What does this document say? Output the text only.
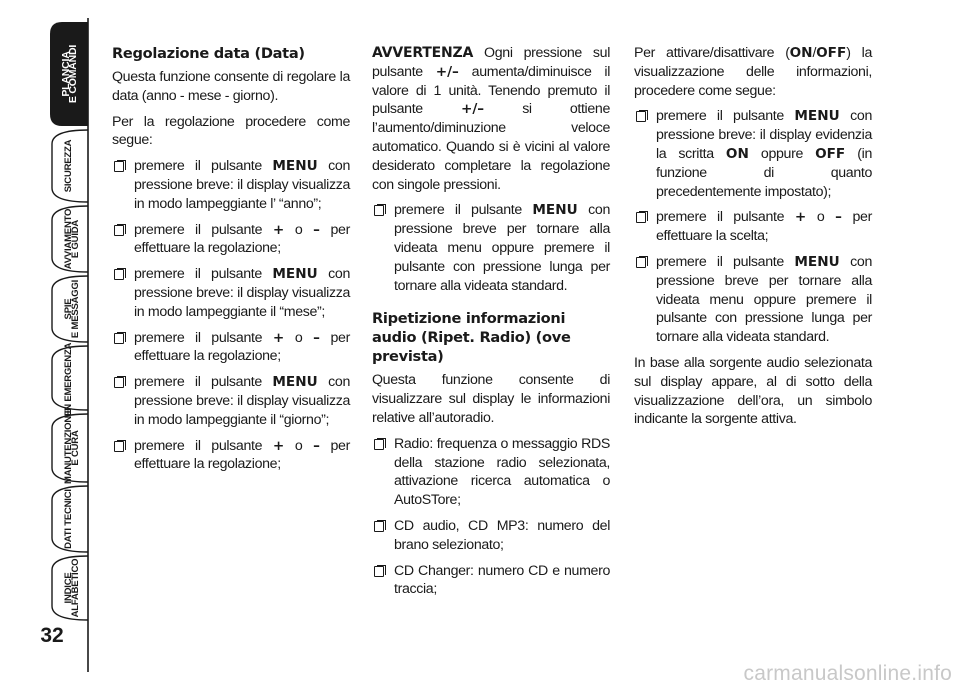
PLANCIA
E COMANDI
SICUREZZA
AVVIAMENTO
E GUIDA
SPIE
E MESSAGGI
IN EMERGENZA
MANUTENZIONE
E CURA
DATI TECNICI
INDICE
ALFABETICO
32
Regolazione data (Data)

Questa funzione consente di regolare la data (anno - mese - giorno).

Per la regolazione procedere come segue:

premere il pulsante MENU con pressione breve: il display visualizza in modo lampeggiante l’ “anno”;
premere il pulsante + o – per effettuare la regolazione;
premere il pulsante MENU con pressione breve: il display visualizza in modo lampeggiante il “mese”;
premere il pulsante + o – per effettuare la regolazione;
premere il pulsante MENU con pressione breve: il display visualizza in modo lampeggiante il “giorno”;
premere il pulsante + o – per effettuare la regolazione;

AVVERTENZA Ogni pressione sul pulsante +/– aumenta/diminuisce il valore di 1 unità. Tenendo premuto il pulsante +/– si ottiene l’aumento/diminuzione veloce automatico. Quando si è vicini al valore desiderato completare la regolazione con singole pressioni.

premere il pulsante MENU con pressione breve per tornare alla videata menu oppure premere il pulsante con pressione lunga per tornare alla videata standard.
Ripetizione informazioni audio (Ripet. Radio) (ove prevista)

Questa funzione consente di visualizzare sul display le informazioni relative all’autoradio.

Radio: frequenza o messaggio RDS della stazione radio selezionata, attivazione ricerca automatica o AutoSTore;
CD audio, CD MP3: numero del brano selezionato;
CD Changer: numero CD e numero traccia;

Per attivare/disattivare (ON/OFF) la visualizzazione delle informazioni, procedere come segue:

premere il pulsante MENU con pressione breve: il display evidenzia la scritta ON oppure OFF (in funzione di quanto precedentemente impostato);
premere il pulsante + o – per effettuare la scelta;
premere il pulsante MENU con pressione breve per tornare alla videata menu oppure premere il pulsante con pressione lunga per tornare alla videata standard.

In base alla sorgente audio selezionata sul display appare, al di sotto della visualizzazione dell’ora, un simbolo indicante la sorgente attiva.

carmanualsonline.info
